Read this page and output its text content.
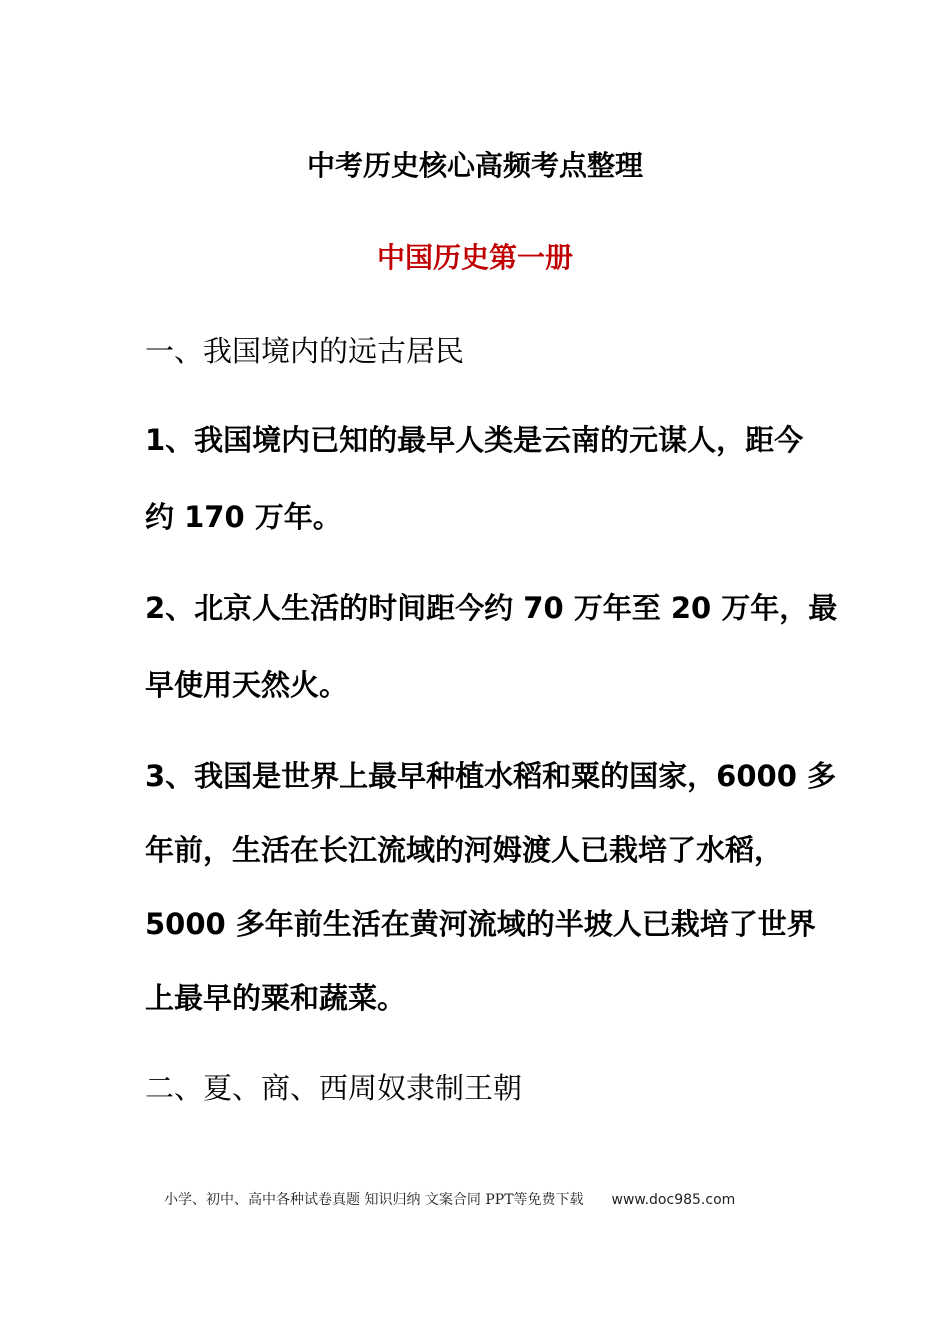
中考历史核心高频考点整理
中国历史第一册
一、我国境内的远古居民
1、我国境内已知的最早人类是云南的元谋人，距今
约 170 万年。
2、北京人生活的时间距今约 70 万年至 20 万年，最
早使用天然火。
3、我国是世界上最早种植水稻和粟的国家，6000 多
年前，生活在长江流域的河姆渡人已栽培了水稻，
5000 多年前生活在黄河流域的半坡人已栽培了世界
上最早的粟和蔬菜。
二、夏、商、西周奴隶制王朝
小学、初中、高中各种试卷真题 知识归纳 文案合同 PPT等免费下载 www.doc985.com
